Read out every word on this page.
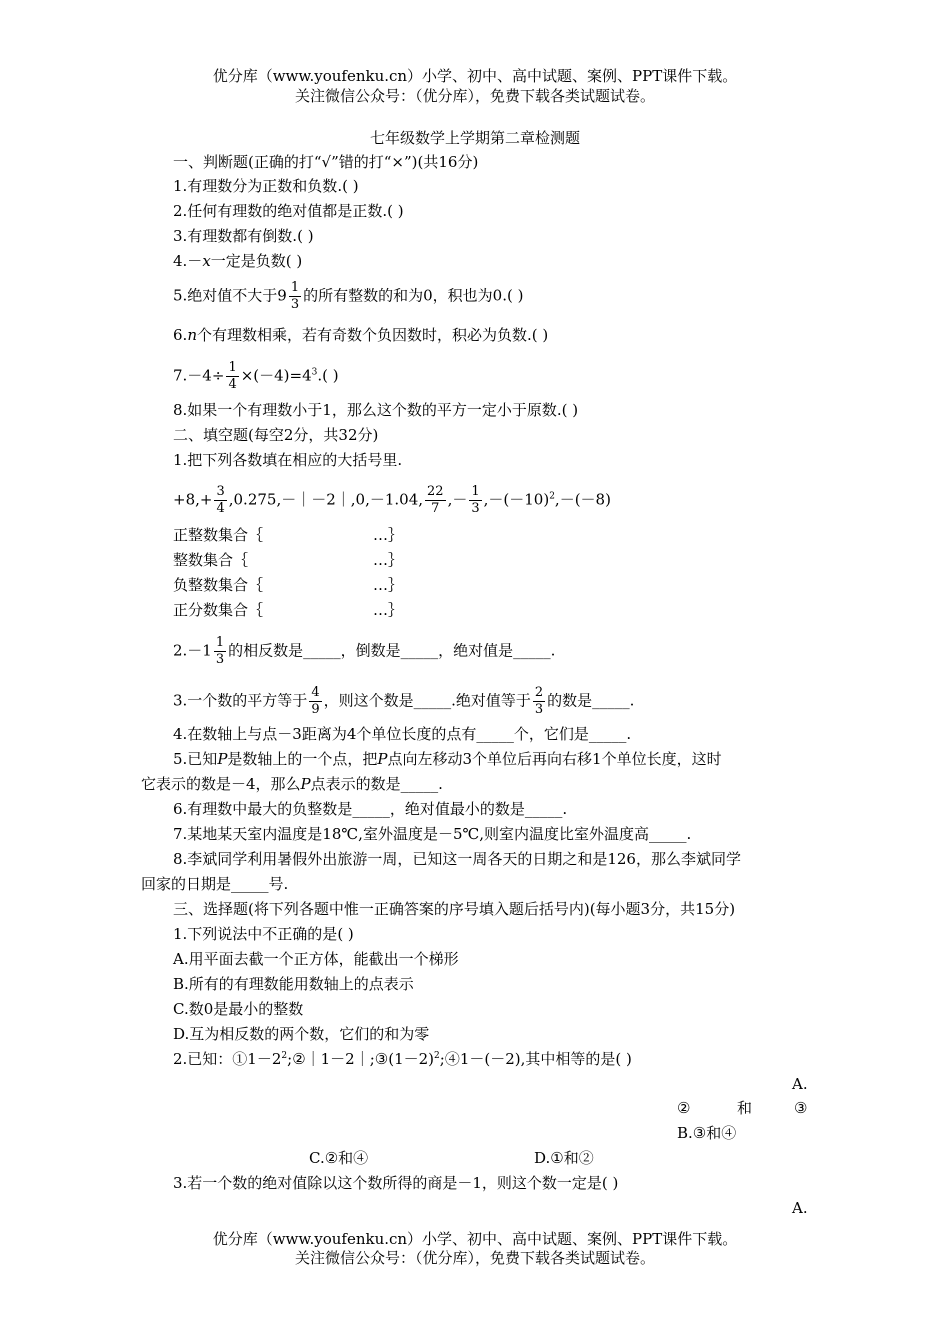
优分库（www.youfenku.cn）小学、初中、高中试题、案例、PPT课件下载。
关注微信公众号：（优分库），免费下载各类试题试卷。
七年级数学上学期第二章检测题
一、判断题(正确的打“√”错的打“×”)(共16分)
1.有理数分为正数和负数.( )
2.任何有理数的绝对值都是正数.( )
3.有理数都有倒数.( )
4.－x一定是负数( )
5.绝对值不大于$9 \frac{1}{3}$ 的所有整数的和为0，积也为0.( )
6.n个有理数相乘，若有奇数个负因数时，积必为负数.( )
$7.-4\div \frac{1}{4} \times(-4)=4^3$.( )
8.如果一个有理数小于1，那么这个数的平方一定小于原数.( )
二、填空题(每空2分，共32分)
1.把下列各数填在相应的大括号里.
$+8,+ \frac{3}{4}$ ,0.275,－｜－2｜,0,－1.04, $\frac{22}{7}$ ,－ $\frac{1}{3} ,-(-10)^2,-(-8)$
正整数集合｛	…｝
整数集合｛	…｝
负整数集合｛	…｝
正分数集合｛	…｝
$2.-1 \frac{1}{3}$ 的相反数是_____，倒数是_____，绝对值是_____.
3.一个数的平方等于 $\frac{4}{9}$ ，则这个数是_____.绝对值等于 $\frac{2}{3}$ 的数是_____.
4.在数轴上与点－3距离为4个单位长度的点有_____个，它们是_____.
5.已知P是数轴上的一个点，把P点向左移动3个单位后再向右移1个单位长度，这时
它表示的数是－4，那么P点表示的数是_____.
6.有理数中最大的负整数是_____，绝对值最小的数是_____.
7.某地某天室内温度是18℃,室外温度是－5℃,则室内温度比室外温度高_____.
8.李斌同学利用暑假外出旅游一周，已知这一周各天的日期之和是126，那么李斌同学
回家的日期是_____号.
三、选择题(将下列各题中惟一正确答案的序号填入题后括号内)(每小题3分，共15分)
1.下列说法中不正确的是( )
A.用平面去截一个正方体，能截出一个梯形
B.所有的有理数能用数轴上的点表示
C.数0是最小的整数
D.互为相反数的两个数，它们的和为零
2.已知：$①1-2^2;②|1-2|;③(1-2)^2;④1-(-2)$,其中相等的是( )
A.
②	和	③
B.③和④
C.②和④	D.①和②
3.若一个数的绝对值除以这个数所得的商是－1，则这个数一定是( )
A.
优分库（www.youfenku.cn）小学、初中、高中试题、案例、PPT课件下载。
关注微信公众号：（优分库），免费下载各类试题试卷。
